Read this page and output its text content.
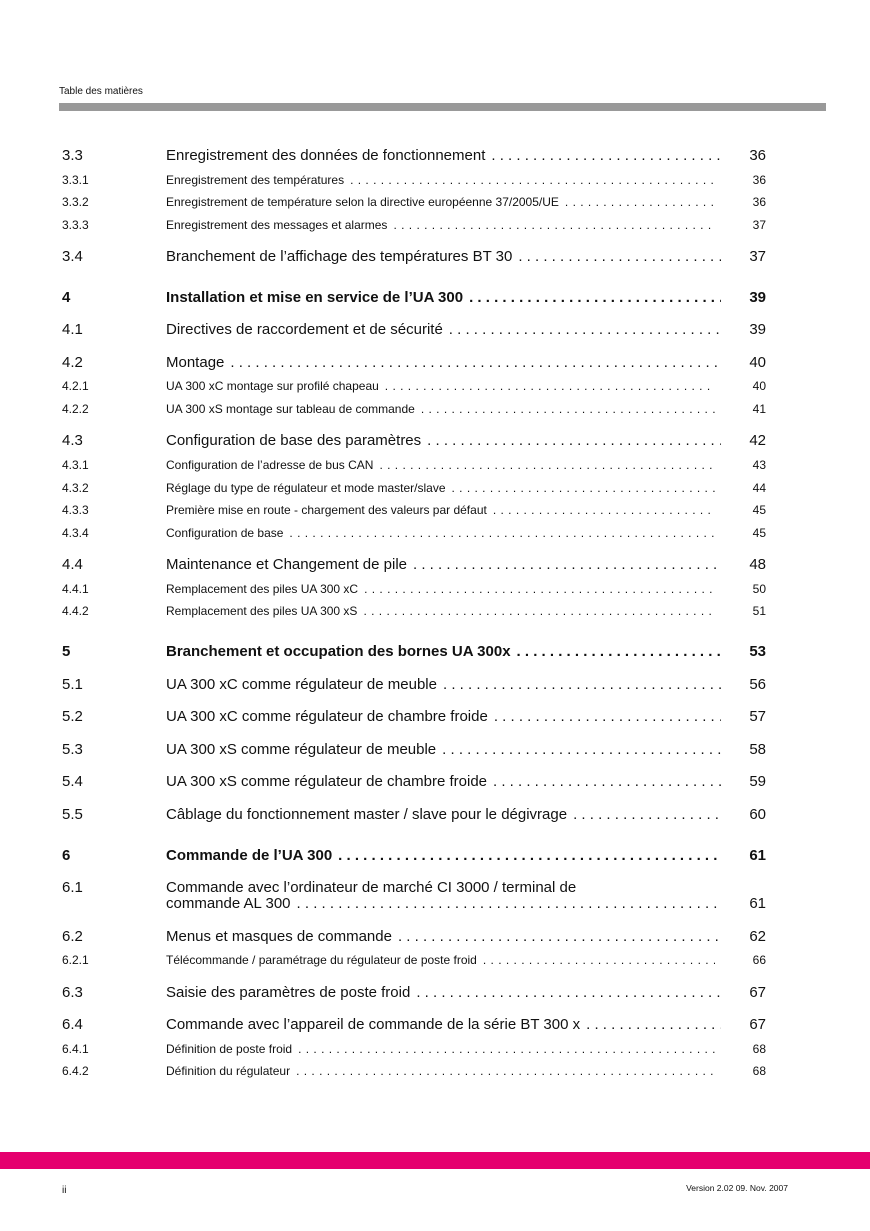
Table des matières
3.3	Enregistrement des données de fonctionnement . . .	36
3.3.1	Enregistrement des températures . . .	36
3.3.2	Enregistrement de température selon la directive européenne 37/2005/UE . . .	36
3.3.3	Enregistrement des messages et alarmes . . .	37
3.4	Branchement de l’affichage des températures BT 30 . . .	37
4	Installation et mise en service de l’UA 300 . . .	39
4.1	Directives de raccordement et de sécurité . . .	39
4.2	Montage . . .	40
4.2.1	UA 300 xC montage sur profilé chapeau . . .	40
4.2.2	UA 300 xS montage sur tableau de commande . . .	41
4.3	Configuration de base des paramètres . . .	42
4.3.1	Configuration de l’adresse de bus CAN . . .	43
4.3.2	Réglage du type de régulateur et mode master/slave . . .	44
4.3.3	Première mise en route - chargement des valeurs par défaut . . .	45
4.3.4	Configuration de base . . .	45
4.4	Maintenance et Changement de pile . . .	48
4.4.1	Remplacement des piles UA 300 xC . . .	50
4.4.2	Remplacement des piles UA 300 xS . . .	51
5	Branchement et occupation des bornes UA 300x . . .	53
5.1	UA 300 xC comme régulateur de meuble . . .	56
5.2	UA 300 xC comme régulateur de chambre froide . . .	57
5.3	UA 300 xS comme régulateur de meuble . . .	58
5.4	UA 300 xS comme régulateur de chambre froide . . .	59
5.5	Câblage du fonctionnement master / slave pour le dégivrage . . .	60
6	Commande de l’UA 300 . . .	61
6.1	Commande avec l’ordinateur de marché CI 3000 / terminal de
commande AL 300 . . .	61
6.2	Menus et masques de commande . . .	62
6.2.1	Télécommande / paramétrage du régulateur de poste froid . . .	66
6.3	Saisie des paramètres de poste froid . . .	67
6.4	Commande avec l’appareil de commande de la série BT 300 x . . .	67
6.4.1	Définition de poste froid . . .	68
6.4.2	Définition du régulateur . . .	68
ii	Version 2.02 09. Nov. 2007
